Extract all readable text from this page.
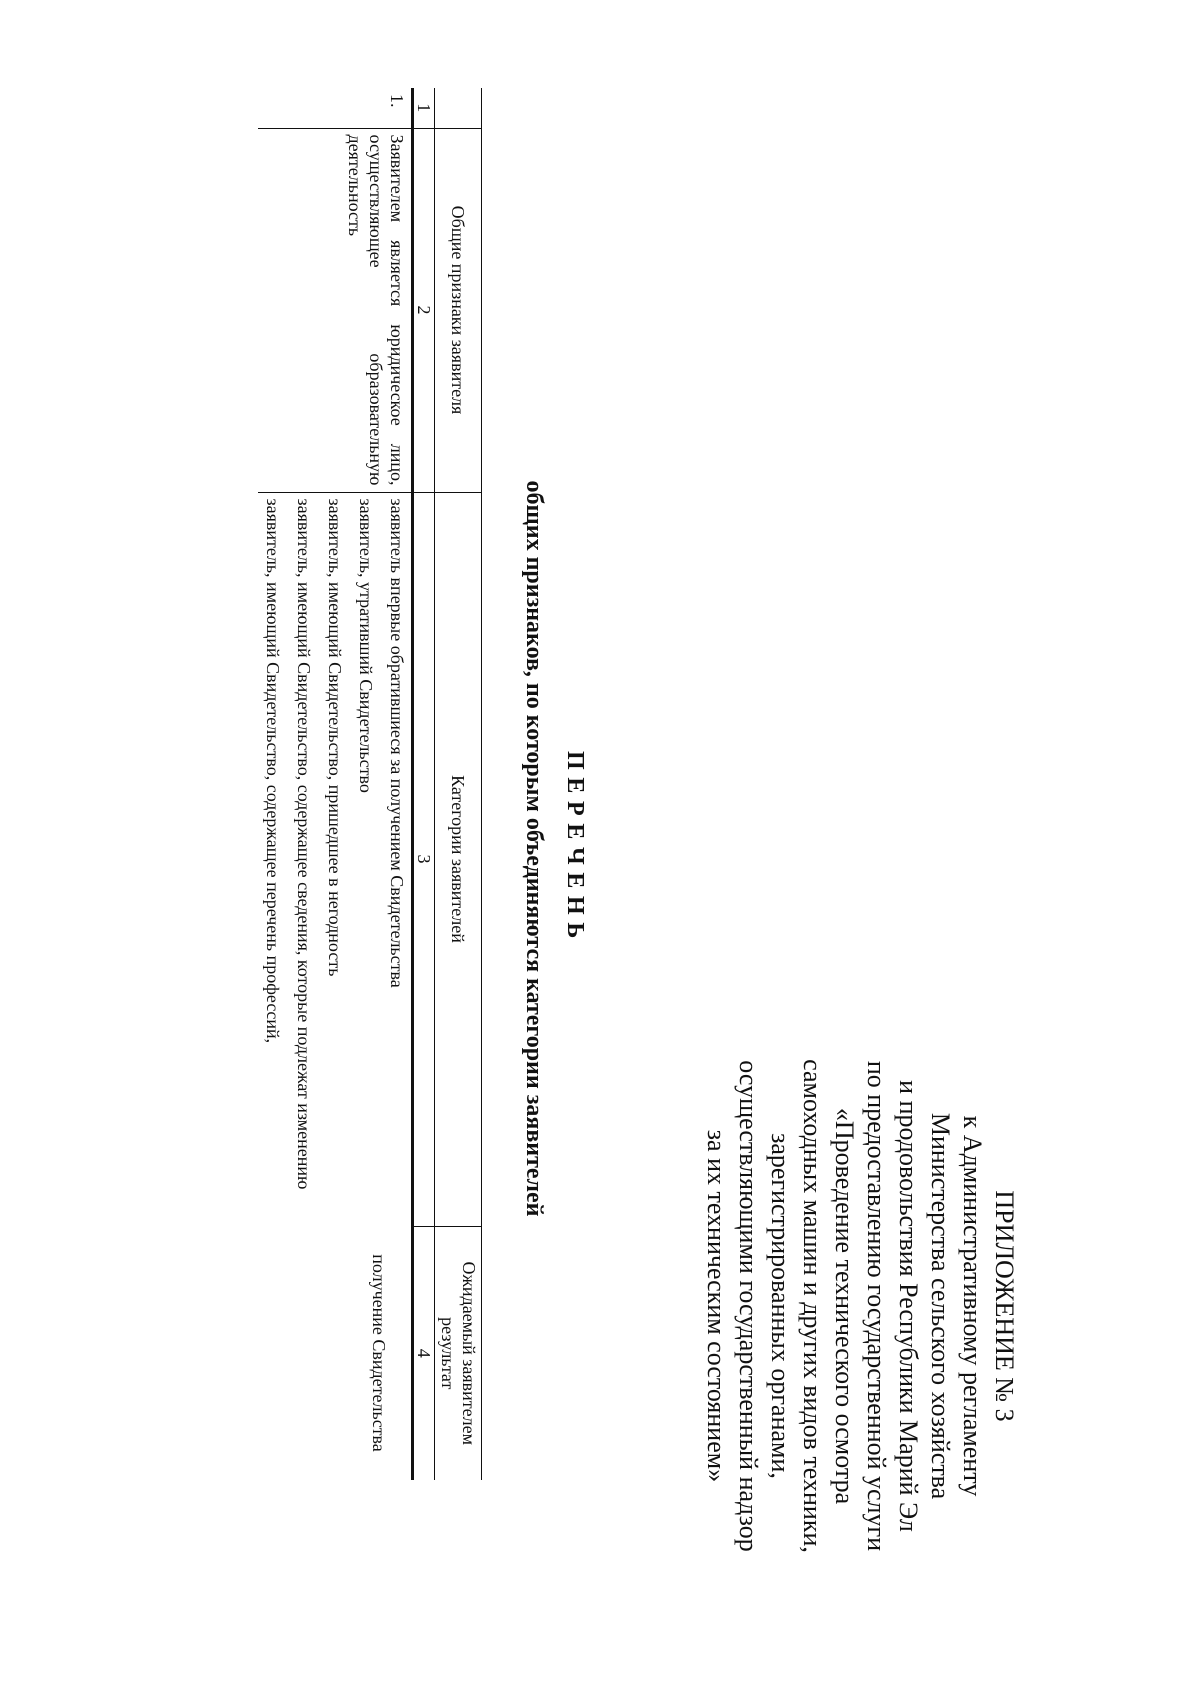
ПРИЛОЖЕНИЕ № 3
к Административному регламенту
Министерства сельского хозяйства
и продовольствия Республики Марий Эл
по предоставлению государственной услуги
«Проведение технического осмотра
самоходных машин и других видов техники,
зарегистрированных органами,
осуществляющими государственный надзор
за их техническим состоянием»
ПЕРЕЧЕНЬ
общих признаков, по которым объединяются категории заявителей
	Общие признаки заявителя	Категории заявителей	Ожидаемый заявителем результат
1	2	3	4
1.	Заявителем является юридическое лицо, осуществляющее образовательную деятельность	заявитель впервые обратившиеся за получением Свидетельства
заявитель, утративший Свидетельство
заявитель, имеющий Свидетельство, пришедшее в негодность
заявитель, имеющий Свидетельство, содержащее сведения, которые подлежат изменению
заявитель, имеющий Свидетельство, содержащее перечень профессий,	получение Свидетельства
